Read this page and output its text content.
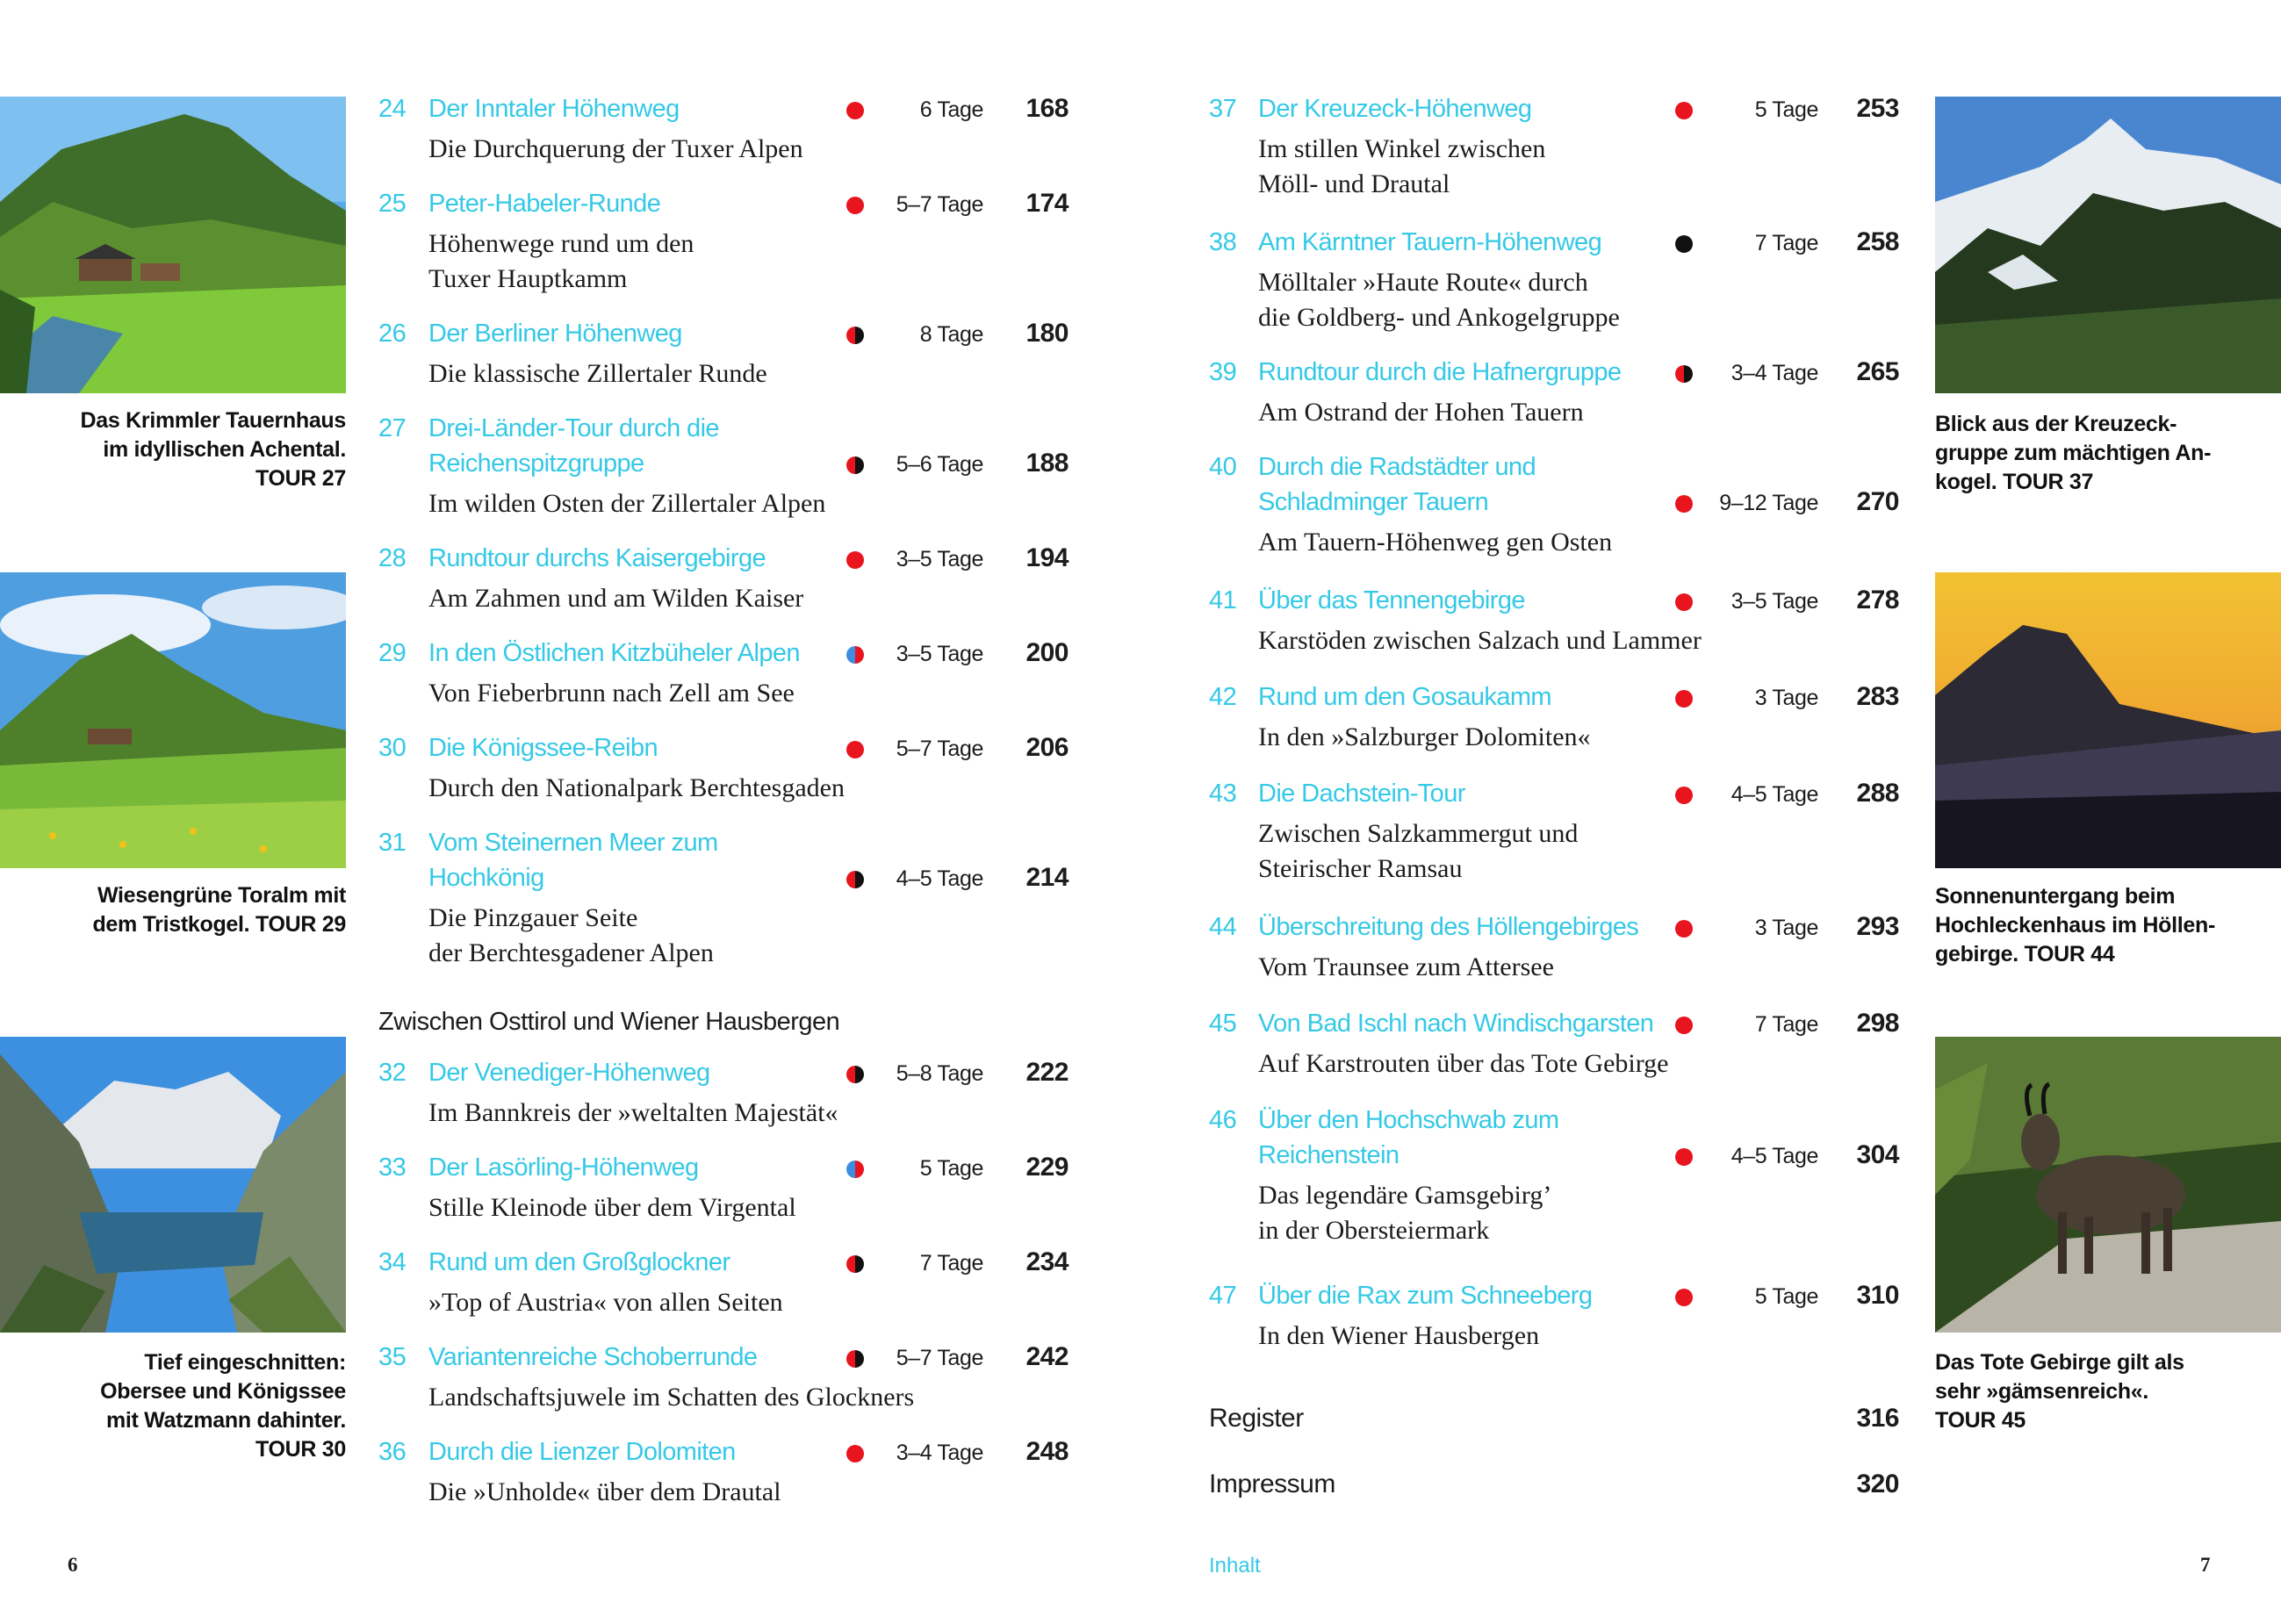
Das Krimmler Tauernhaus
im idyllischen Achental.
TOUR 27
Wiesengrüne Toralm mit
dem Tristkogel. TOUR 29
Tief eingeschnitten:
Obersee und Königssee
mit Watzmann dahinter.
TOUR 30
Blick aus der Kreuzeck-
gruppe zum mächtigen An-
kogel. TOUR 37
Sonnenuntergang beim
Hochleckenhaus im Höllen-
gebirge. TOUR 44
Das Tote Gebirge gilt als
sehr »gämsenreich«.
TOUR 45
24 Der Inntaler Höhenweg
Die Durchquerung der Tuxer Alpen
6 Tage	168
25 Peter-Habeler-Runde
Höhenwege rund um den
Tuxer Hauptkamm
5–7 Tage	174
26 Der Berliner Höhenweg
Die klassische Zillertaler Runde
8 Tage	180
27 Drei-Länder-Tour durch die
Reichenspitzgruppe
Im wilden Osten der Zillertaler Alpen
5–6 Tage	188
28 Rundtour durchs Kaisergebirge
Am Zahmen und am Wilden Kaiser
3–5 Tage	194
29 In den Östlichen Kitzbüheler Alpen
Von Fieberbrunn nach Zell am See
3–5 Tage	200
30 Die Königssee-Reibn
Durch den Nationalpark Berchtesgaden
5–7 Tage	206
31 Vom Steinernen Meer zum
Hochkönig
Die Pinzgauer Seite
der Berchtesgadener Alpen
4–5 Tage	214
32 Der Venediger-Höhenweg
Im Bannkreis der »weltalten Majestät«
5–8 Tage	222
33 Der Lasörling-Höhenweg
Stille Kleinode über dem Virgental
5 Tage	229
34 Rund um den Großglockner
»Top of Austria« von allen Seiten
7 Tage	234
35 Variantenreiche Schoberrunde
Landschaftsjuwele im Schatten des Glockners
5–7 Tage	242
36 Durch die Lienzer Dolomiten
Die »Unholde« über dem Drautal
3–4 Tage	248
37 Der Kreuzeck-Höhenweg
Im stillen Winkel zwischen
Möll- und Drautal
5 Tage	253
38 Am Kärntner Tauern-Höhenweg
Mölltaler »Haute Route« durch
die Goldberg- und Ankogelgruppe
7 Tage	258
39 Rundtour durch die Hafnergruppe
Am Ostrand der Hohen Tauern
3–4 Tage	265
40 Durch die Radstädter und
Schladminger Tauern
Am Tauern-Höhenweg gen Osten
9–12 Tage	270
41 Über das Tennengebirge
Karstöden zwischen Salzach und Lammer
3–5 Tage	278
42 Rund um den Gosaukamm
In den »Salzburger Dolomiten«
3 Tage	283
43 Die Dachstein-Tour
Zwischen Salzkammergut und
Steirischer Ramsau
4–5 Tage	288
44 Überschreitung des Höllengebirges
Vom Traunsee zum Attersee
3 Tage	293
45 Von Bad Ischl nach Windischgarsten
Auf Karstrouten über das Tote Gebirge
7 Tage	298
46 Über den Hochschwab zum
Reichenstein
Das legendäre Gamsgebirg’
in der Obersteiermark
4–5 Tage	304
47 Über die Rax zum Schneeberg
In den Wiener Hausbergen
5 Tage	310
Zwischen Osttirol und Wiener Hausbergen
Register	316
Impressum	320
6	Inhalt	7
